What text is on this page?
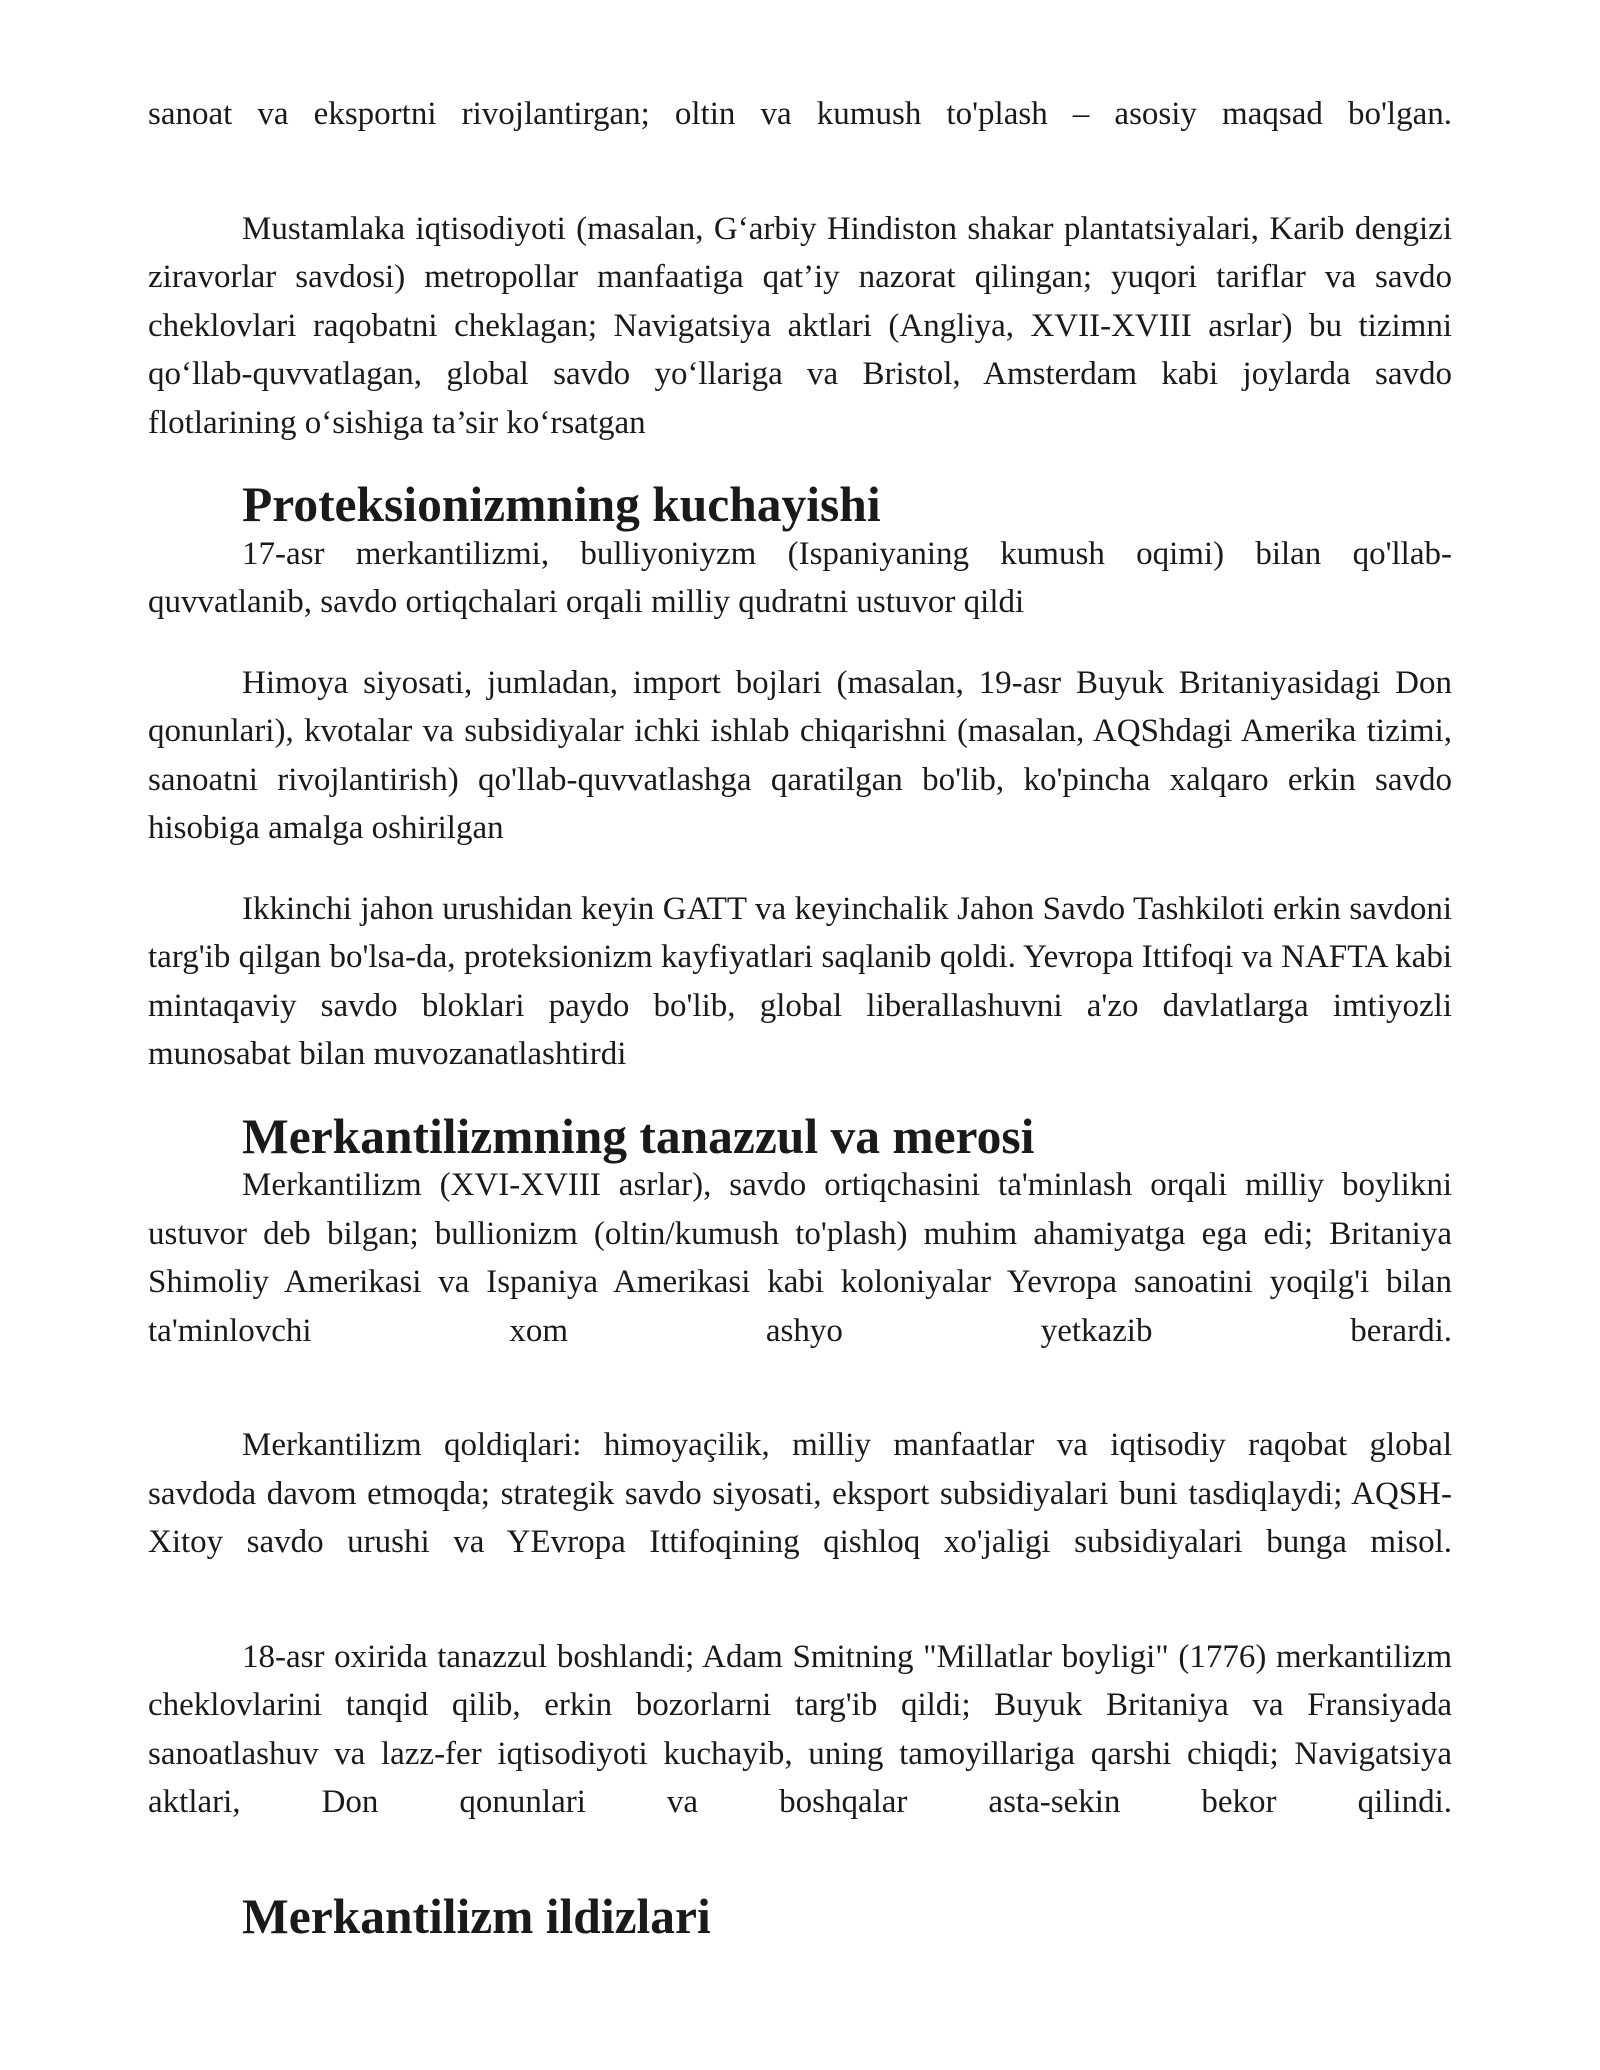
sanoat va eksportni rivojlantirgan; oltin va kumush to'plash – asosiy maqsad bo'lgan.

Mustamlaka iqtisodiyoti (masalan, G‘arbiy Hindiston shakar plantatsiyalari, Karib dengizi ziravorlar savdosi) metropollar manfaatiga qat’iy nazorat qilingan; yuqori tariflar va savdo cheklovlari raqobatni cheklagan; Navigatsiya aktlari (Angliya, XVII-XVIII asrlar) bu tizimni qo‘llab-quvvatlagan, global savdo yo‘llariga va Bristol, Amsterdam kabi joylarda savdo flotlarining o‘sishiga ta’sir ko‘rsatgan

Proteksionizmning kuchayishi

17-asr merkantilizmi, bulliyoniyzm (Ispaniyaning kumush oqimi) bilan qo'llab-quvvatlanib, savdo ortiqchalari orqali milliy qudratni ustuvor qildi

Himoya siyosati, jumladan, import bojlari (masalan, 19-asr Buyuk Britaniyasidagi Don qonunlari), kvotalar va subsidiyalar ichki ishlab chiqarishni (masalan, AQShdagi Amerika tizimi, sanoatni rivojlantirish) qo'llab-quvvatlashga qaratilgan bo'lib, ko'pincha xalqaro erkin savdo hisobiga amalga oshirilgan

Ikkinchi jahon urushidan keyin GATT va keyinchalik Jahon Savdo Tashkiloti erkin savdoni targ'ib qilgan bo'lsa-da, proteksionizm kayfiyatlari saqlanib qoldi. Yevropa Ittifoqi va NAFTA kabi mintaqaviy savdo bloklari paydo bo'lib, global liberallashuvni a'zo davlatlarga imtiyozli munosabat bilan muvozanatlashtirdi

Merkantilizmning tanazzul va merosi

Merkantilizm (XVI-XVIII asrlar), savdo ortiqchasini ta'minlash orqali milliy boylikni ustuvor deb bilgan; bullionizm (oltin/kumush to'plash) muhim ahamiyatga ega edi; Britaniya Shimoliy Amerikasi va Ispaniya Amerikasi kabi koloniyalar Yevropa sanoatini yoqilg'i bilan ta'minlovchi xom ashyo yetkazib berardi.

Merkantilizm qoldiqlari: himoyaçilik, milliy manfaatlar va iqtisodiy raqobat global savdoda davom etmoqda; strategik savdo siyosati, eksport subsidiyalari buni tasdiqlaydi; AQSH-Xitoy savdo urushi va YEvropa Ittifoqining qishloq xo'jaligi subsidiyalari bunga misol.

18-asr oxirida tanazzul boshlandi; Adam Smitning "Millatlar boyligi" (1776) merkantilizm cheklovlarini tanqid qilib, erkin bozorlarni targ'ib qildi; Buyuk Britaniya va Fransiyada sanoatlashuv va lazz-fer iqtisodiyoti kuchayib, uning tamoyillariga qarshi chiqdi; Navigatsiya aktlari, Don qonunlari va boshqalar asta-sekin bekor qilindi.

Merkantilizm ildizlari
